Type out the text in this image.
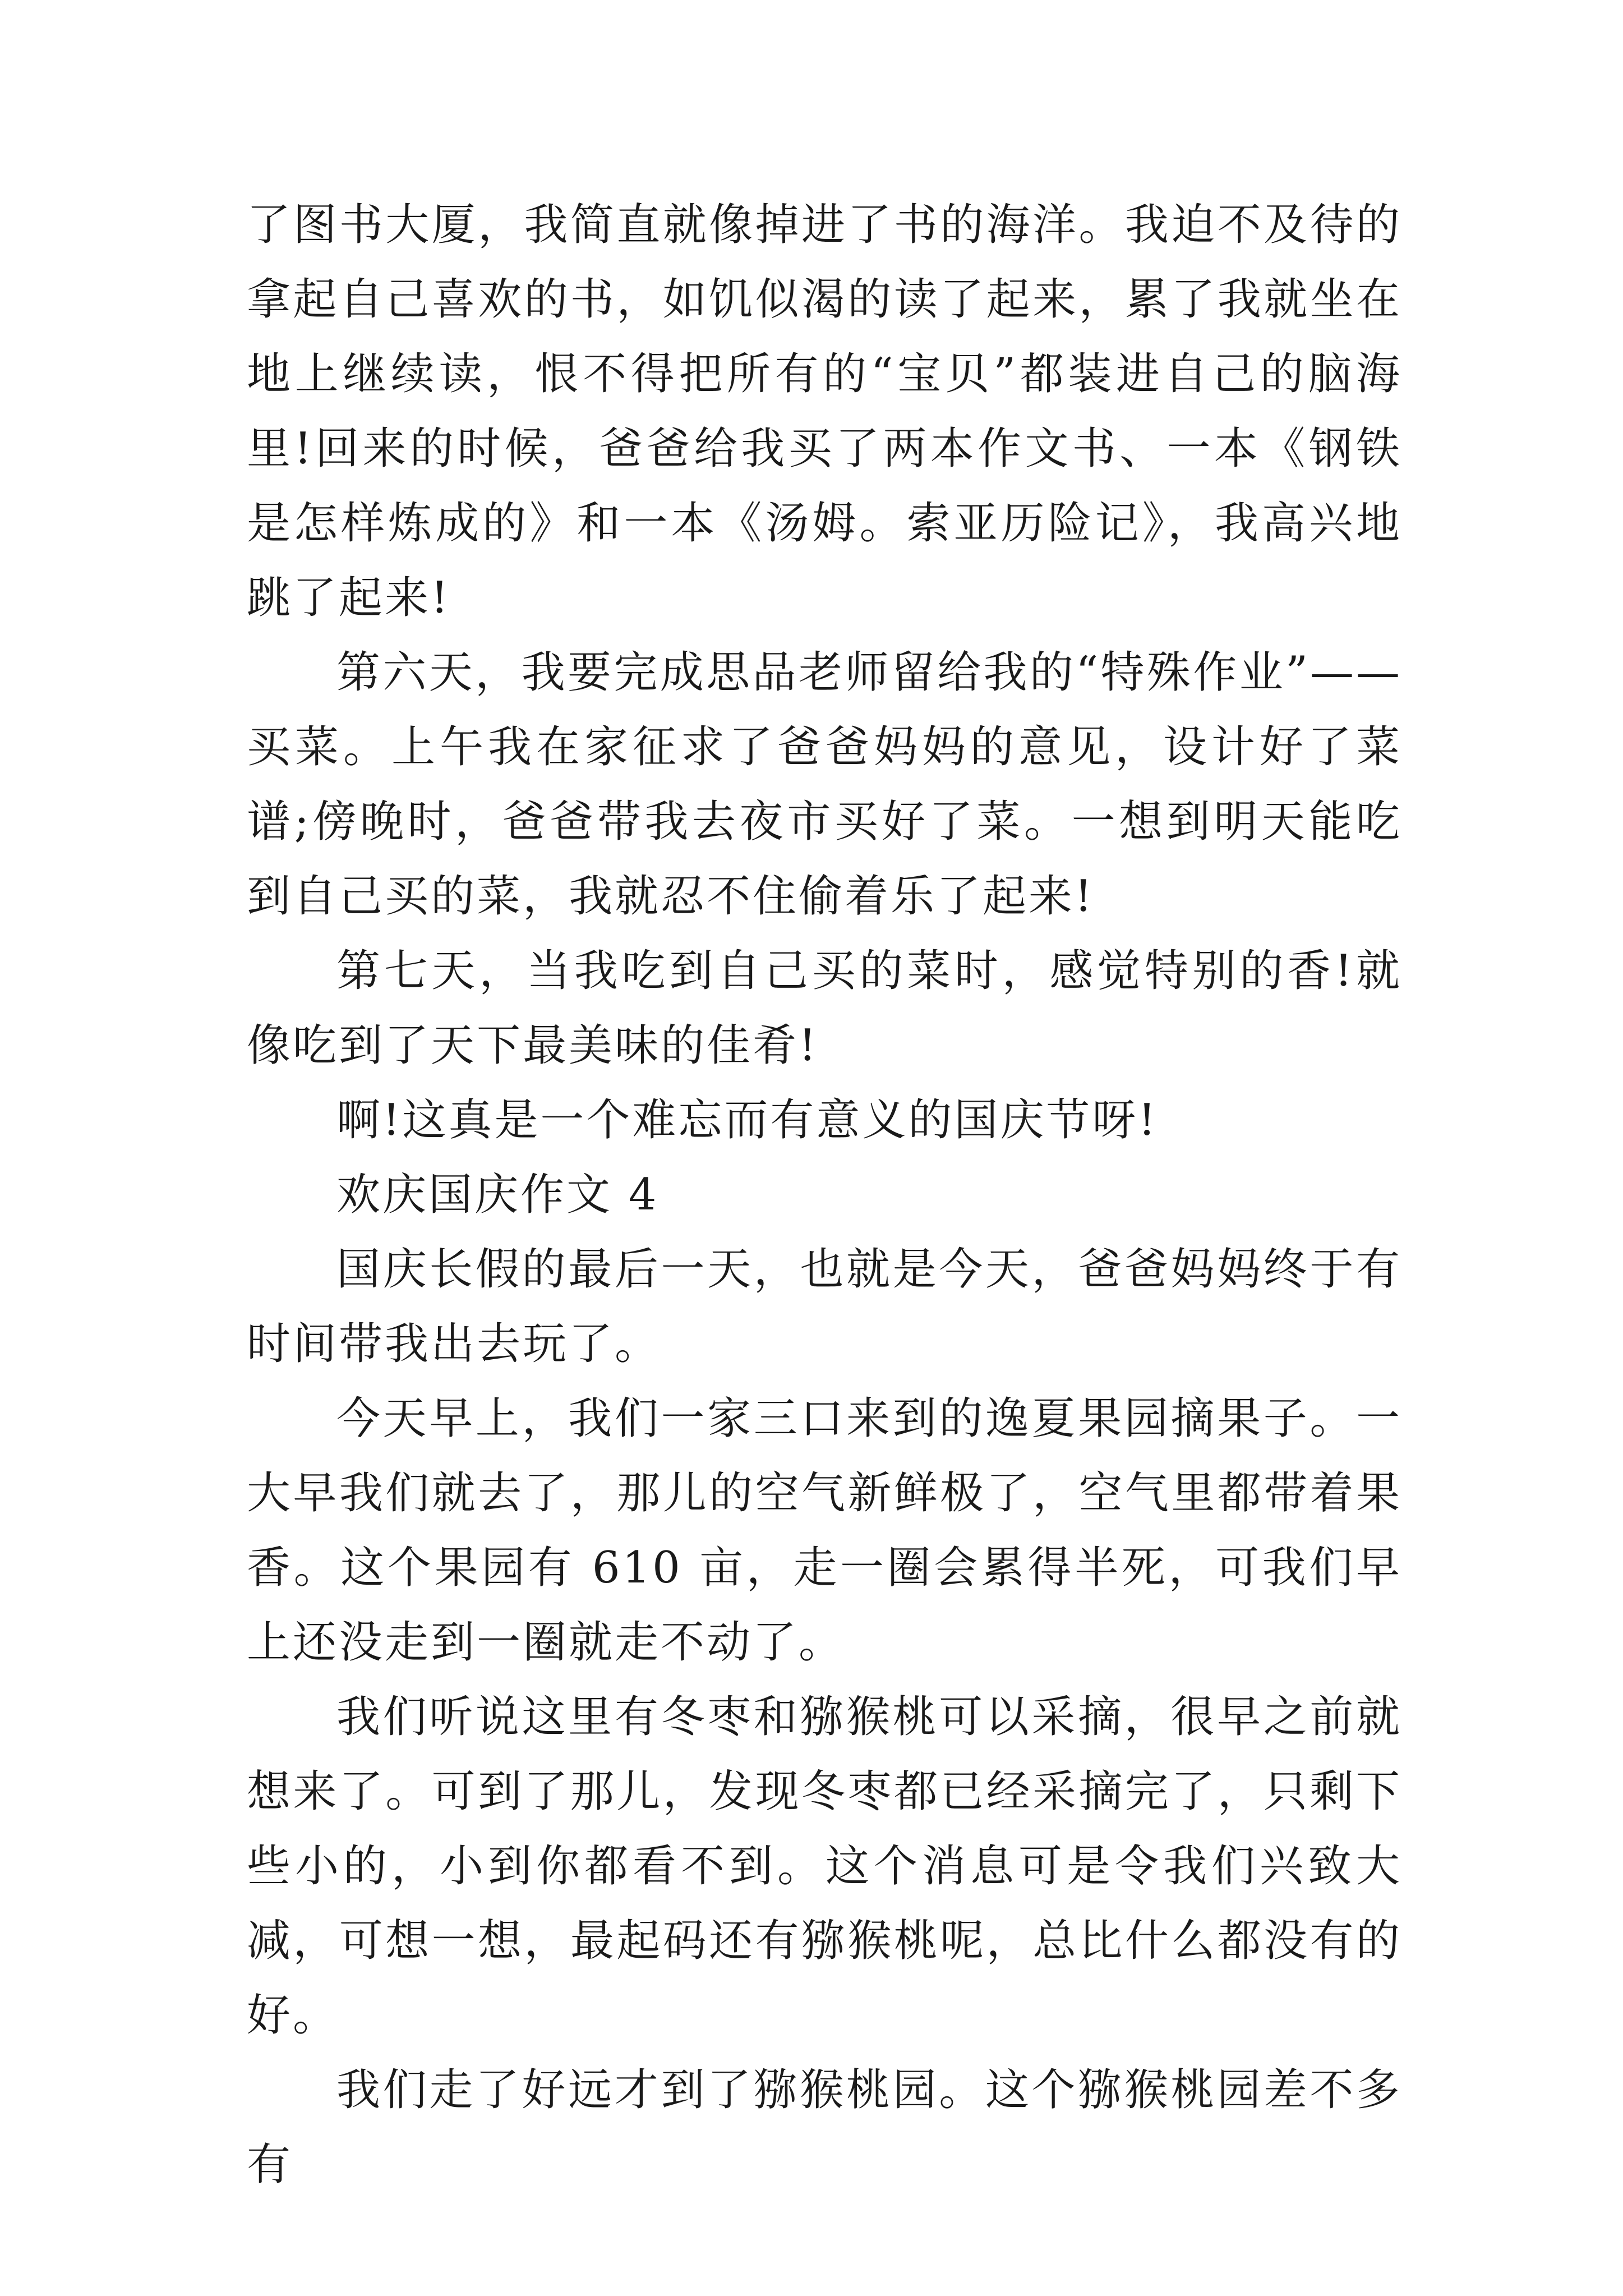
了图书大厦，我简直就像掉进了书的海洋。我迫不及待的拿起自己喜欢的书，如饥似渴的读了起来，累了我就坐在地上继续读，恨不得把所有的“宝贝”都装进自己的脑海里!回来的时候，爸爸给我买了两本作文书、一本《钢铁是怎样炼成的》和一本《汤姆。索亚历险记》，我高兴地跳了起来!

第六天，我要完成思品老师留给我的“特殊作业”——买菜。上午我在家征求了爸爸妈妈的意见，设计好了菜谱;傍晚时，爸爸带我去夜市买好了菜。一想到明天能吃到自己买的菜，我就忍不住偷着乐了起来!

第七天，当我吃到自己买的菜时，感觉特别的香!就像吃到了天下最美味的佳肴!

啊!这真是一个难忘而有意义的国庆节呀!

欢庆国庆作文 4

国庆长假的最后一天，也就是今天，爸爸妈妈终于有时间带我出去玩了。

今天早上，我们一家三口来到的逸夏果园摘果子。一大早我们就去了，那儿的空气新鲜极了，空气里都带着果香。这个果园有 610 亩，走一圈会累得半死，可我们早上还没走到一圈就走不动了。

我们听说这里有冬枣和猕猴桃可以采摘，很早之前就想来了。可到了那儿，发现冬枣都已经采摘完了，只剩下些小的，小到你都看不到。这个消息可是令我们兴致大减，可想一想，最起码还有猕猴桃呢，总比什么都没有的好。

我们走了好远才到了猕猴桃园。这个猕猴桃园差不多有
